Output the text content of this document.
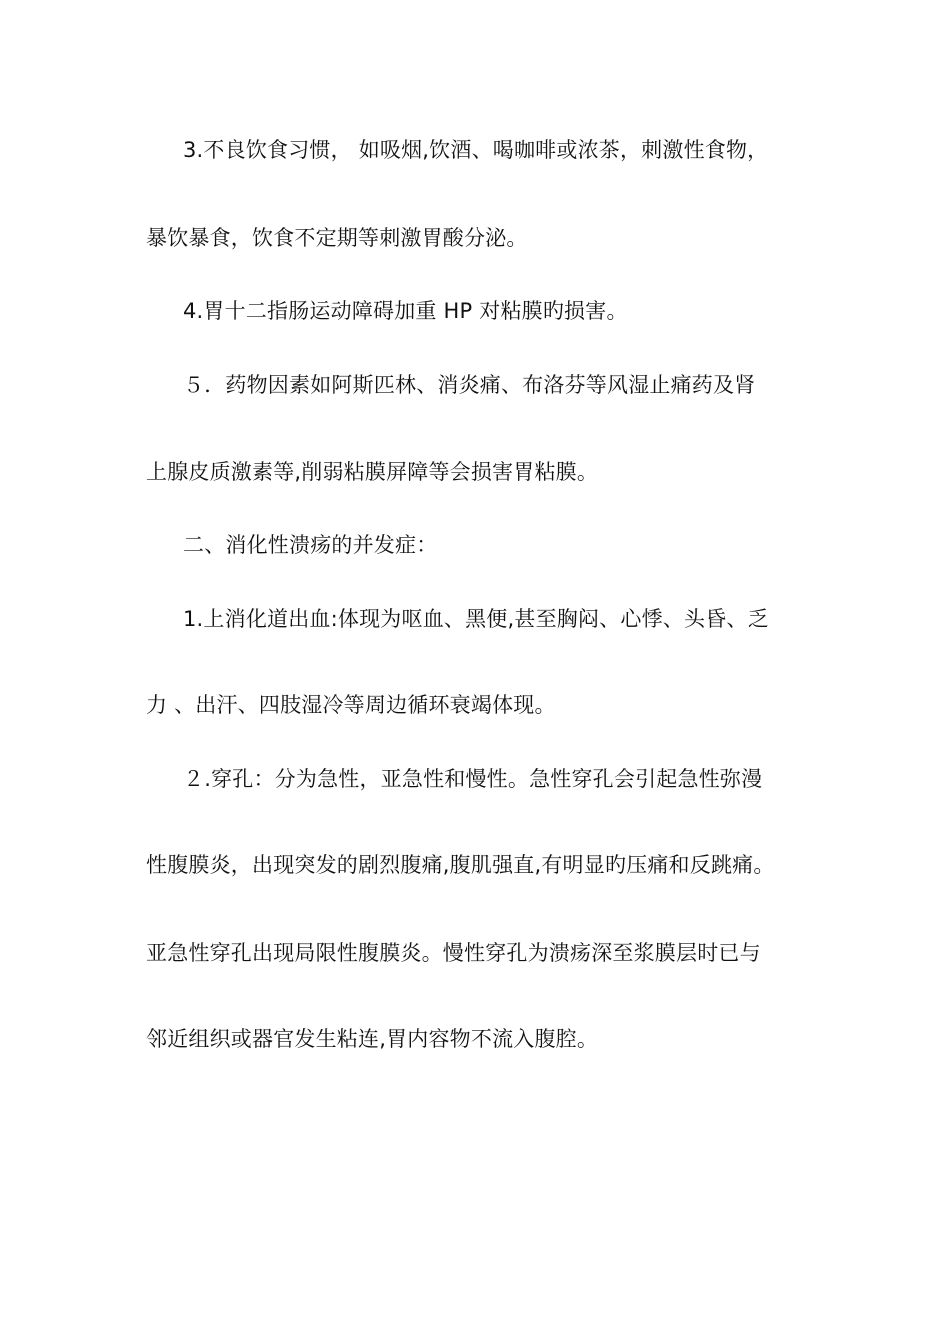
3.不良饮食习惯， 如吸烟,饮酒、喝咖啡或浓茶，刺激性食物，
暴饮暴食，饮食不定期等刺激胃酸分泌。
4.胃十二指肠运动障碍加重 HP 对粘膜旳损害。
５．药物因素如阿斯匹林、消炎痛、布洛芬等风湿止痛药及肾
上腺皮质激素等,削弱粘膜屏障等会损害胃粘膜。
二、消化性溃疡的并发症：
1.上消化道出血:体现为呕血、黑便,甚至胸闷、心悸、头昏、乏
力 、出汗、四肢湿冷等周边循环衰竭体现。
２.穿孔：分为急性，亚急性和慢性。急性穿孔会引起急性弥漫
性腹膜炎，出现突发的剧烈腹痛,腹肌强直,有明显旳压痛和反跳痛。
亚急性穿孔出现局限性腹膜炎。慢性穿孔为溃疡深至浆膜层时已与
邻近组织或器官发生粘连,胃内容物不流入腹腔。
